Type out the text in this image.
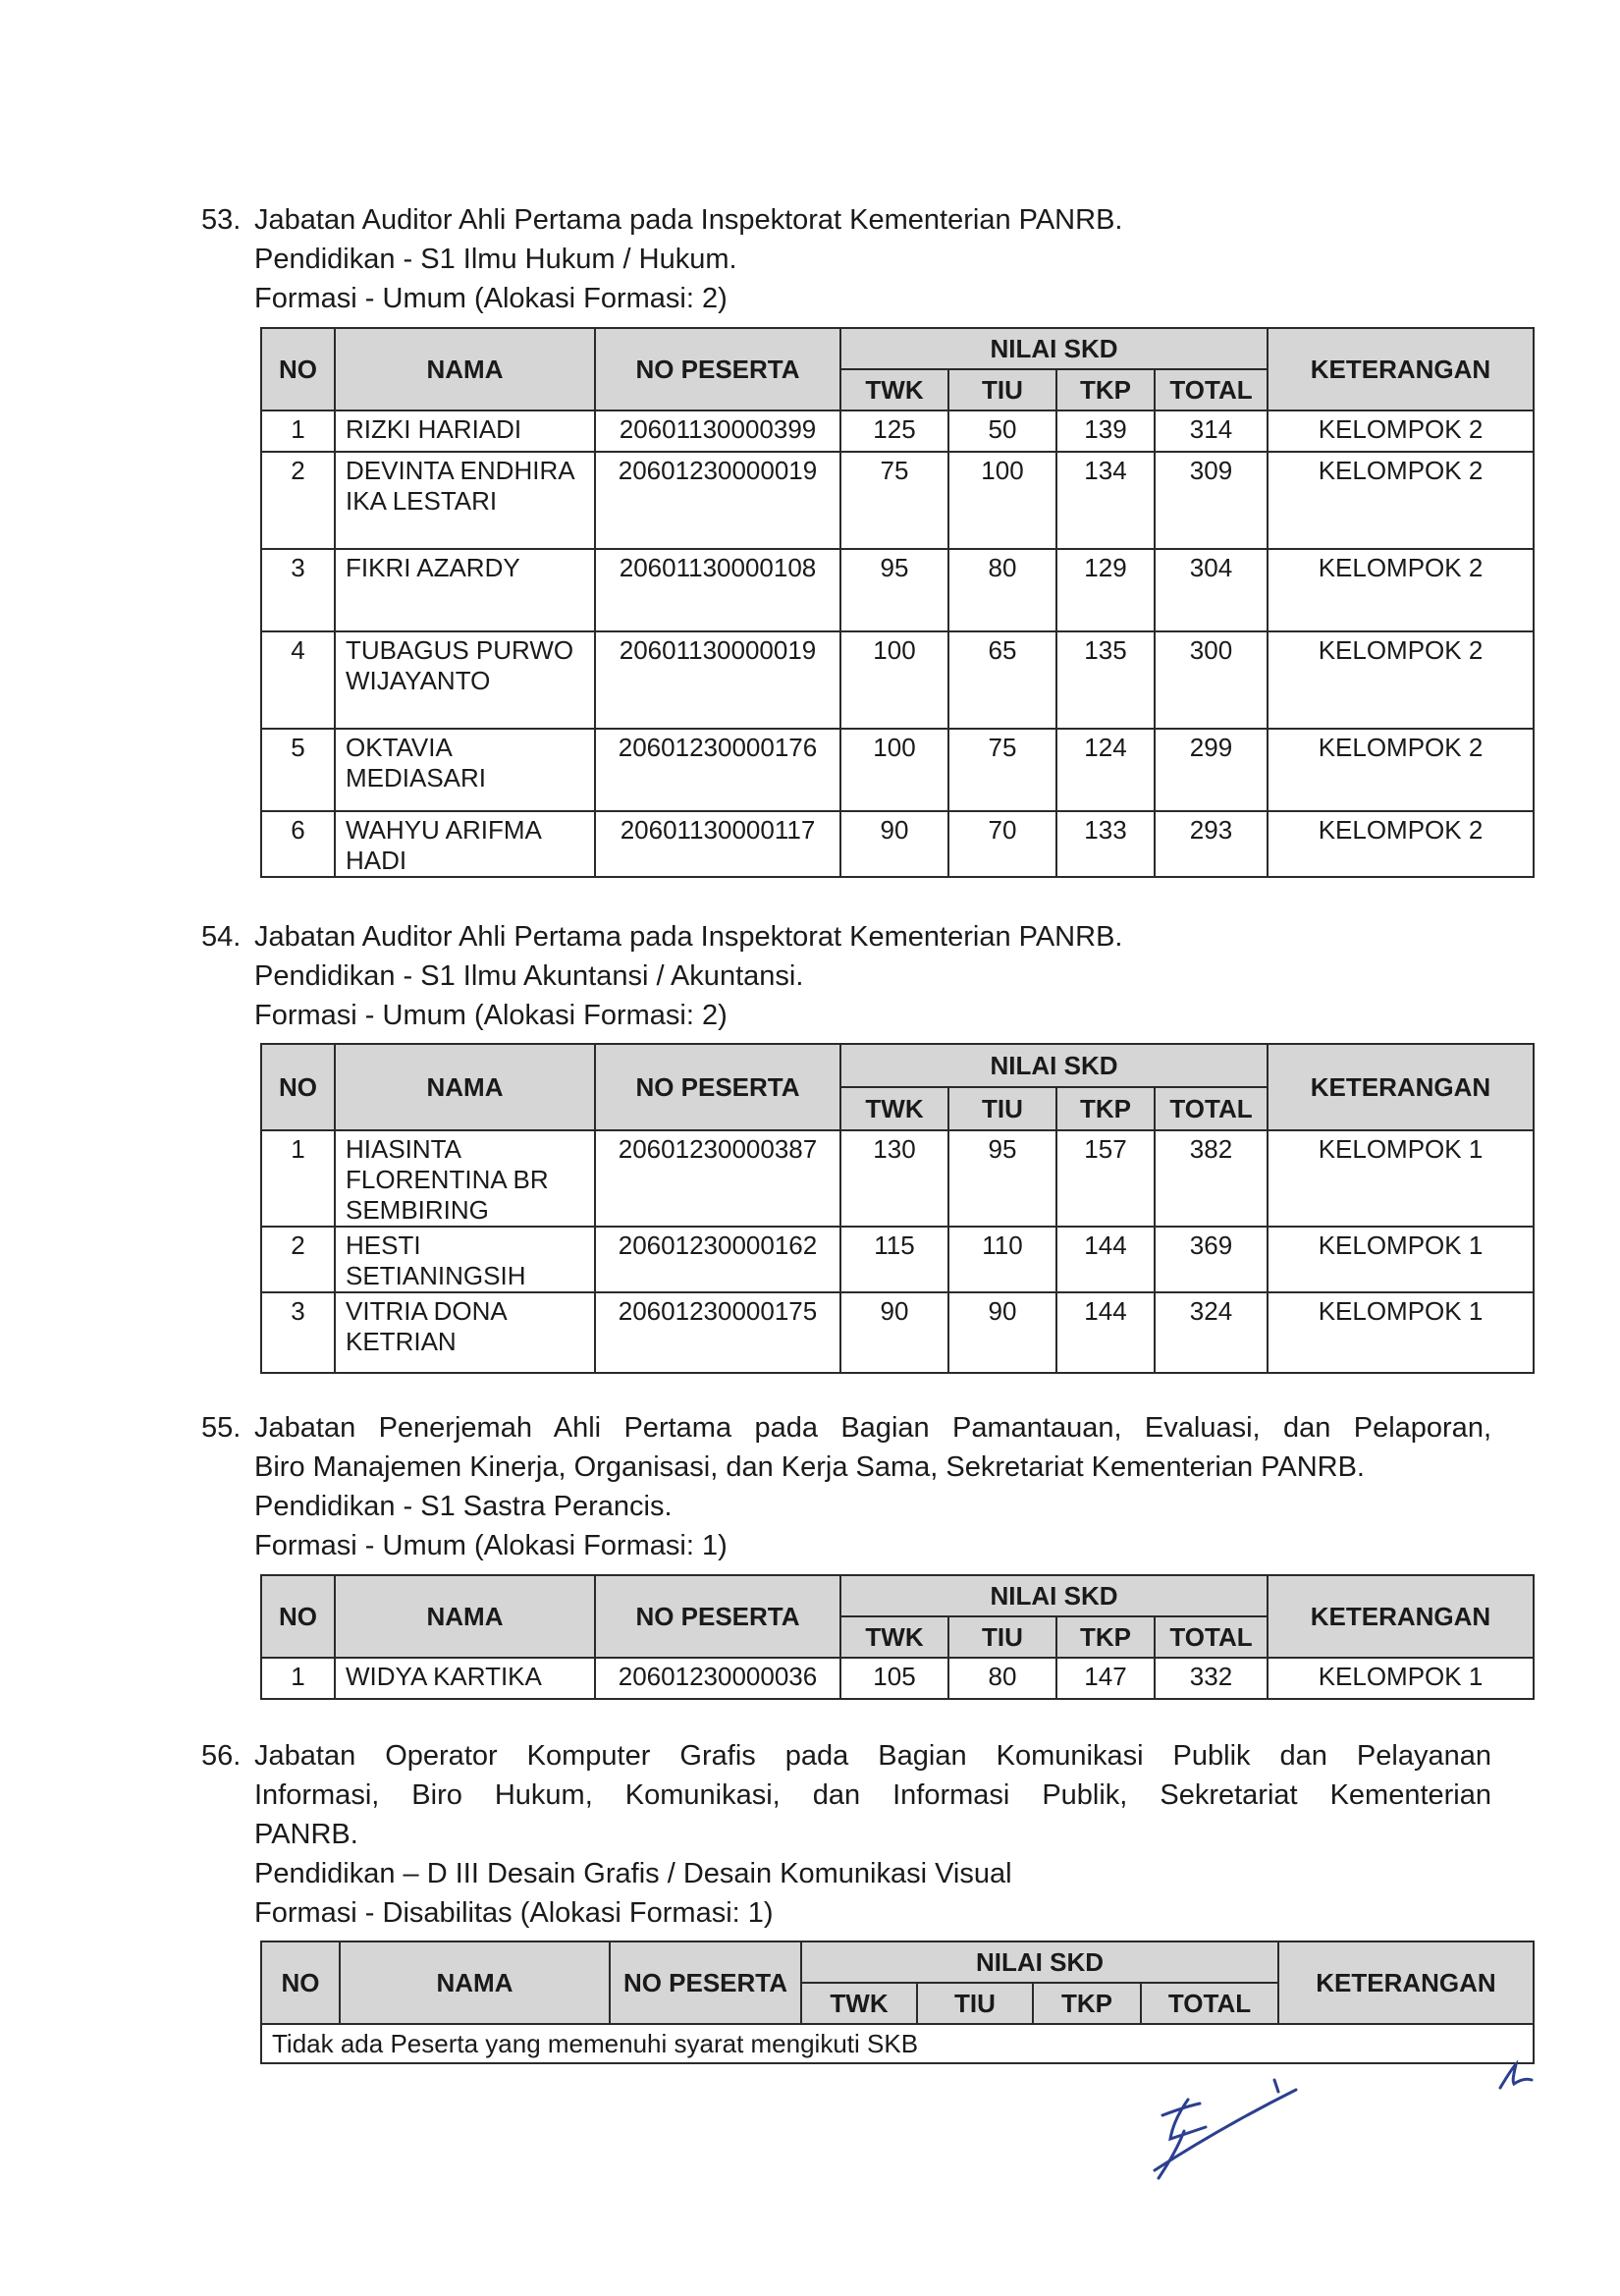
53. Jabatan Auditor Ahli Pertama pada Inspektorat Kementerian PANRB.
Pendidikan - S1 Ilmu Hukum / Hukum.
Formasi - Umum (Alokasi Formasi: 2)
NO	NAMA	NO PESERTA	NILAI SKD				KETERANGAN
			TWK	TIU	TKP	TOTAL	
1	RIZKI HARIADI	20601130000399	125	50	139	314	KELOMPOK 2
2	DEVINTA ENDHIRA IKA LESTARI	20601230000019	75	100	134	309	KELOMPOK 2
3	FIKRI AZARDY	20601130000108	95	80	129	304	KELOMPOK 2
4	TUBAGUS PURWO WIJAYANTO	20601130000019	100	65	135	300	KELOMPOK 2
5	OKTAVIA MEDIASARI	20601230000176	100	75	124	299	KELOMPOK 2
6	WAHYU ARIFMA HADI	20601130000117	90	70	133	293	KELOMPOK 2
54. Jabatan Auditor Ahli Pertama pada Inspektorat Kementerian PANRB.
Pendidikan - S1 Ilmu Akuntansi / Akuntansi.
Formasi - Umum (Alokasi Formasi: 2)
NO	NAMA	NO PESERTA	NILAI SKD				KETERANGAN
			TWK	TIU	TKP	TOTAL	
1	HIASINTA FLORENTINA BR SEMBIRING	20601230000387	130	95	157	382	KELOMPOK 1
2	HESTI SETIANINGSIH	20601230000162	115	110	144	369	KELOMPOK 1
3	VITRIA DONA KETRIAN	20601230000175	90	90	144	324	KELOMPOK 1
55. Jabatan Penerjemah Ahli Pertama pada Bagian Pamantauan, Evaluasi, dan Pelaporan,
Biro Manajemen Kinerja, Organisasi, dan Kerja Sama, Sekretariat Kementerian PANRB.
Pendidikan - S1 Sastra Perancis.
Formasi - Umum (Alokasi Formasi: 1)
NO	NAMA	NO PESERTA	NILAI SKD				KETERANGAN
			TWK	TIU	TKP	TOTAL	
1	WIDYA KARTIKA	20601230000036	105	80	147	332	KELOMPOK 1
56. Jabatan Operator Komputer Grafis pada Bagian Komunikasi Publik dan Pelayanan
Informasi, Biro Hukum, Komunikasi, dan Informasi Publik, Sekretariat Kementerian
PANRB.
Pendidikan – D III Desain Grafis / Desain Komunikasi Visual
Formasi - Disabilitas (Alokasi Formasi: 1)
NO	NAMA	NO PESERTA	NILAI SKD				KETERANGAN
			TWK	TIU	TKP	TOTAL	
Tidak ada Peserta yang memenuhi syarat mengikuti SKB							
